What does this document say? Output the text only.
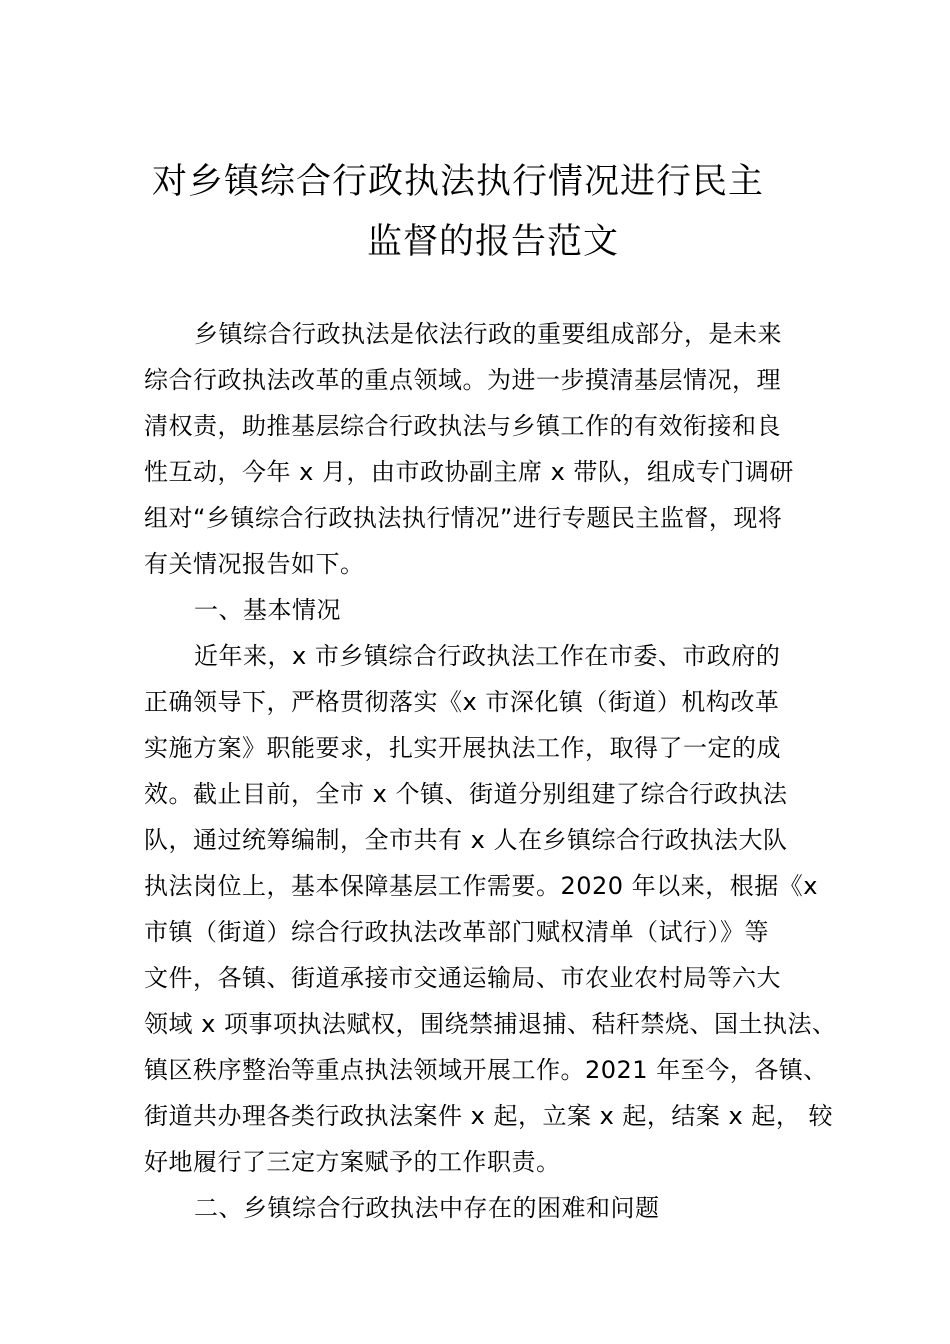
对乡镇综合行政执法执行情况进行民主
监督的报告范文

乡镇综合行政执法是依法行政的重要组成部分，是未来

综合行政执法改革的重点领域。为进一步摸清基层情况，理

清权责，助推基层综合行政执法与乡镇工作的有效衔接和良

性互动，今年 x 月，由市政协副主席 x 带队，组成专门调研

组对“乡镇综合行政执法执行情况”进行专题民主监督，现将

有关情况报告如下。

一、基本情况

近年来，x 市乡镇综合行政执法工作在市委、市政府的

正确领导下，严格贯彻落实《x 市深化镇（街道）机构改革

实施方案》职能要求，扎实开展执法工作，取得了一定的成

效。截止目前，全市 x 个镇、街道分别组建了综合行政执法

队，通过统筹编制，全市共有 x 人在乡镇综合行政执法大队

执法岗位上，基本保障基层工作需要。2020 年以来，根据《x

市镇（街道）综合行政执法改革部门赋权清单（试行）》等

文件，各镇、街道承接市交通运输局、市农业农村局等六大

领域 x 项事项执法赋权，围绕禁捕退捕、秸秆禁烧、国土执法、

镇区秩序整治等重点执法领域开展工作。2021 年至今，各镇、

街道共办理各类行政执法案件 x 起，立案 x 起，结案 x 起， 较

好地履行了三定方案赋予的工作职责。

二、乡镇综合行政执法中存在的困难和问题
